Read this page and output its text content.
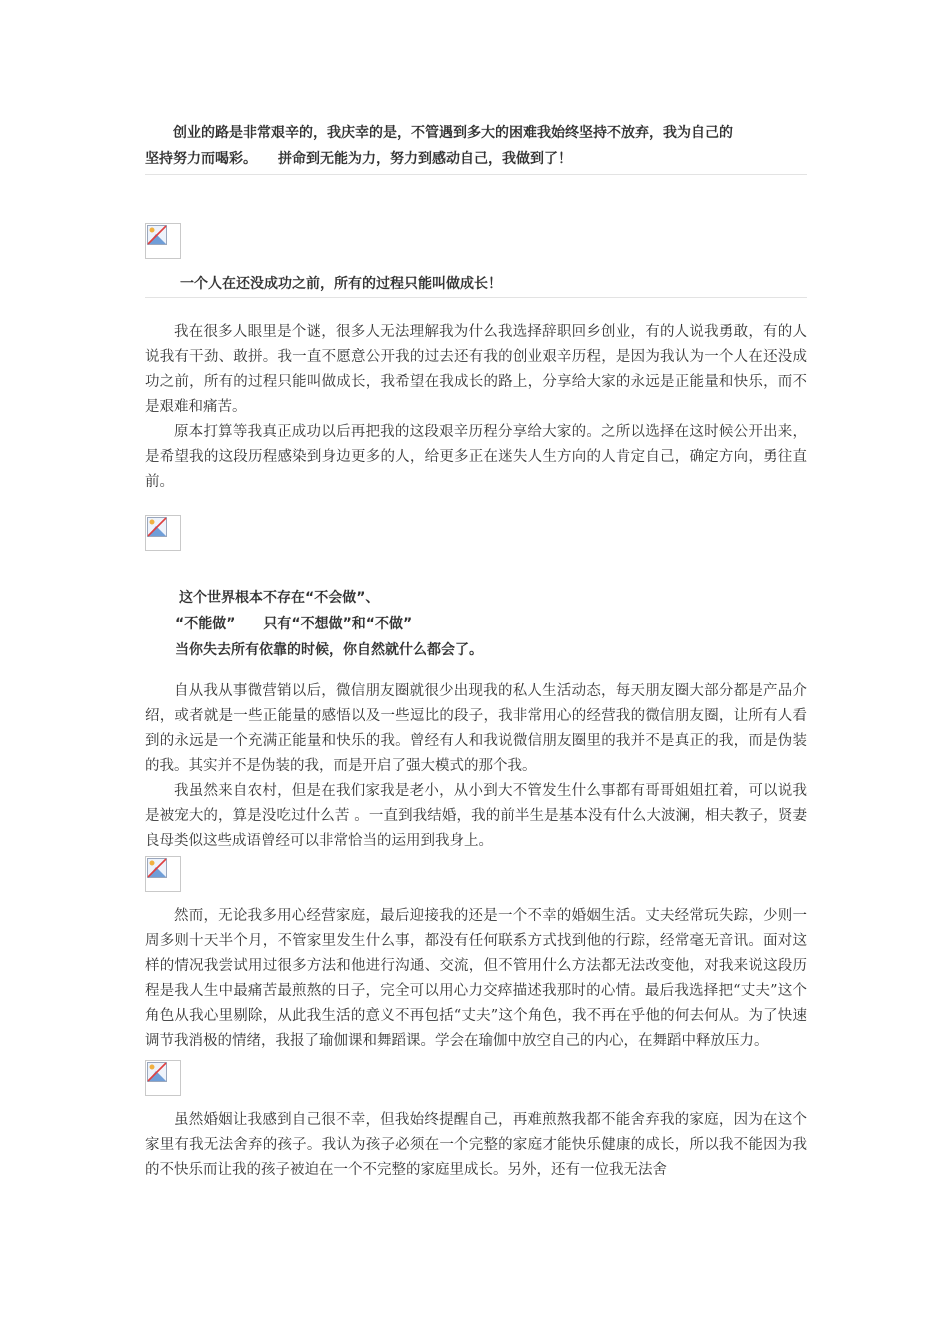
创业的路是非常艰辛的，我庆幸的是，不管遇到多大的困难我始终坚持不放弃，我为自己的

坚持努力而喝彩。　　拼命到无能为力，努力到感动自己，我做到了！

一个人在还没成功之前，所有的过程只能叫做成长！

我在很多人眼里是个谜，很多人无法理解我为什么我选择辞职回乡创业，有的人说我勇敢，有的人说我有干劲、敢拼。我一直不愿意公开我的过去还有我的创业艰辛历程，是因为我认为一个人在还没成功之前，所有的过程只能叫做成长，我希望在我成长的路上，分享给大家的永远是正能量和快乐，而不是艰难和痛苦。

原本打算等我真正成功以后再把我的这段艰辛历程分享给大家的。之所以选择在这时候公开出来，是希望我的这段历程感染到身边更多的人，给更多正在迷失人生方向的人肯定自己，确定方向，勇往直前。

这个世界根本不存在“不会做”、

“不能做”　　只有“不想做”和“不做”

当你失去所有依靠的时候，你自然就什么都会了。

自从我从事微营销以后，微信朋友圈就很少出现我的私人生活动态，每天朋友圈大部分都是产品介绍，或者就是一些正能量的感悟以及一些逗比的段子，我非常用心的经营我的微信朋友圈，让所有人看到的永远是一个充满正能量和快乐的我。曾经有人和我说微信朋友圈里的我并不是真正的我，而是伪装的我。其实并不是伪装的我，而是开启了强大模式的那个我。

我虽然来自农村，但是在我们家我是老小，从小到大不管发生什么事都有哥哥姐姐扛着，可以说我是被宠大的，算是没吃过什么苦 。一直到我结婚，我的前半生是基本没有什么大波澜，相夫教子，贤妻良母类似这些成语曾经可以非常恰当的运用到我身上。

然而，无论我多用心经营家庭，最后迎接我的还是一个不幸的婚姻生活。丈夫经常玩失踪，少则一周多则十天半个月，不管家里发生什么事，都没有任何联系方式找到他的行踪，经常毫无音讯。面对这样的情况我尝试用过很多方法和他进行沟通、交流，但不管用什么方法都无法改变他，对我来说这段历程是我人生中最痛苦最煎熬的日子，完全可以用心力交瘁描述我那时的心情。最后我选择把“丈夫”这个角色从我心里剔除，从此我生活的意义不再包括“丈夫”这个角色，我不再在乎他的何去何从。为了快速调节我消极的情绪，我报了瑜伽课和舞蹈课。学会在瑜伽中放空自己的内心，在舞蹈中释放压力。

虽然婚姻让我感到自己很不幸，但我始终提醒自己，再难煎熬我都不能舍弃我的家庭，因为在这个家里有我无法舍弃的孩子。我认为孩子必须在一个完整的家庭才能快乐健康的成长，所以我不能因为我的不快乐而让我的孩子被迫在一个不完整的家庭里成长。另外，还有一位我无法舍
